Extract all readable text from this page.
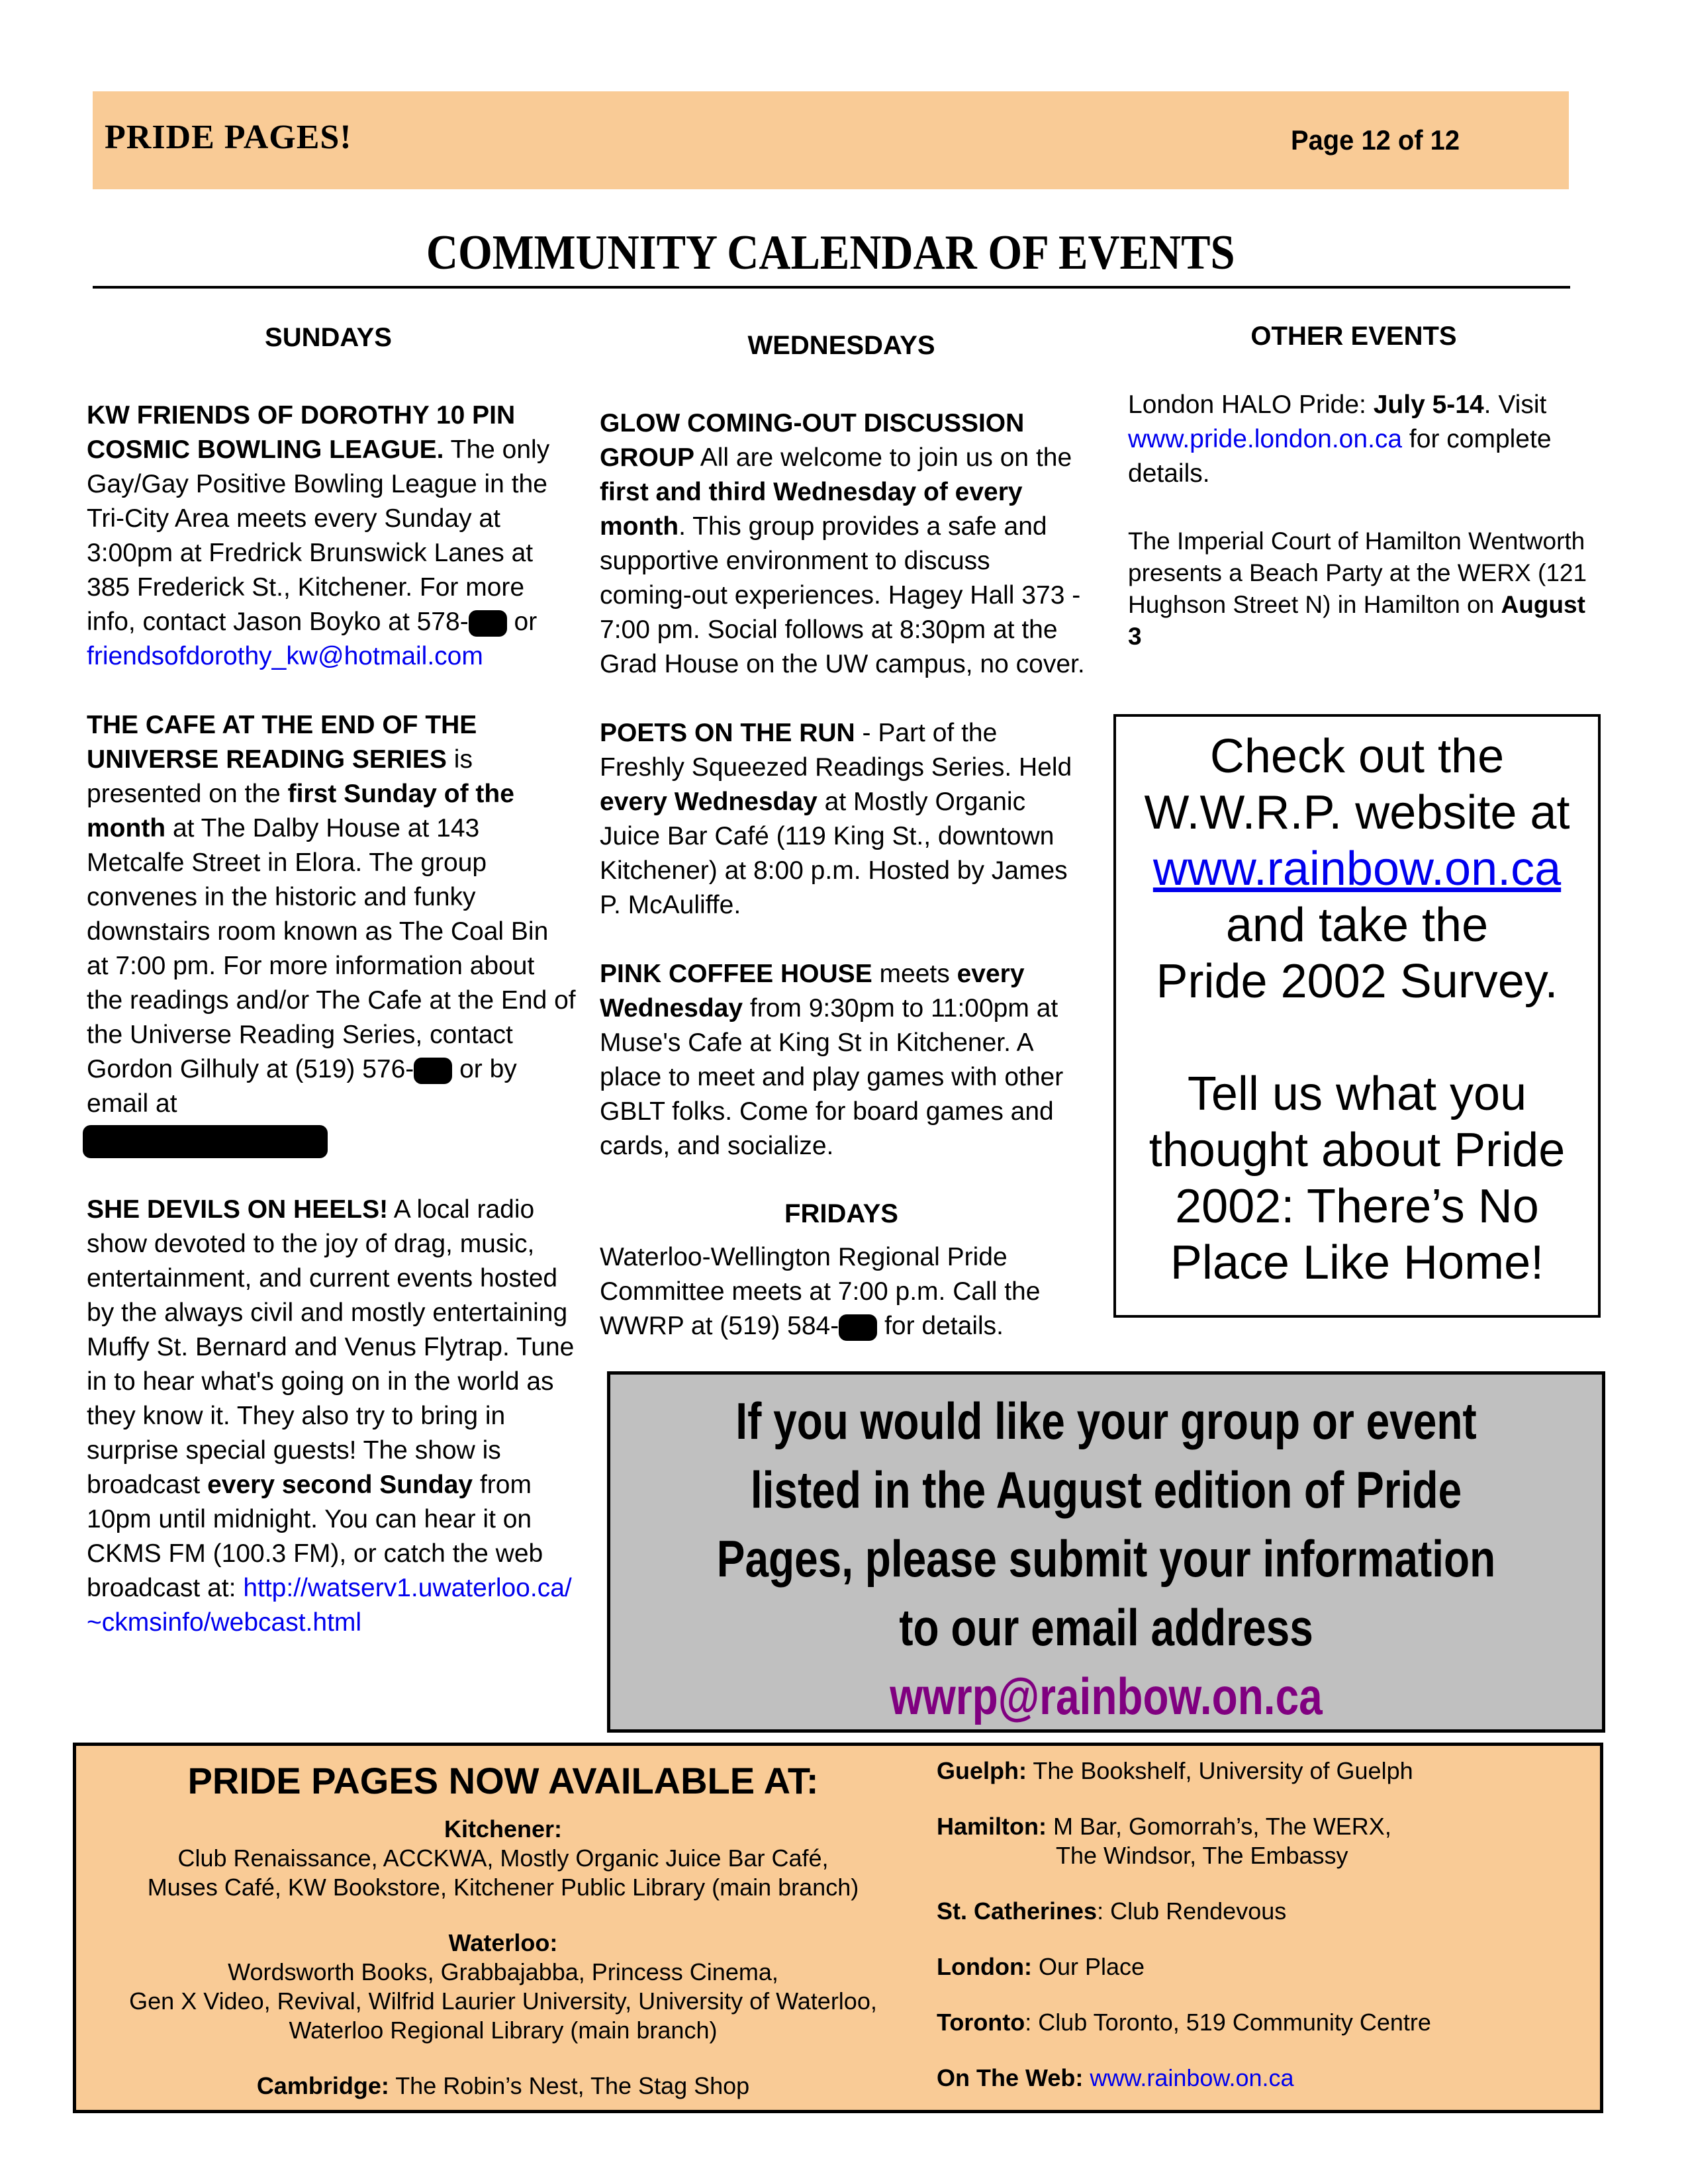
PRIDE PAGES!	Page 12 of 12
COMMUNITY CALENDAR OF EVENTS
SUNDAYS	WEDNESDAYS	OTHER EVENTS

KW FRIENDS OF DOROTHY 10 PIN COSMIC BOWLING LEAGUE. The only Gay/Gay Positive Bowling League in the Tri-City Area meets every Sunday at 3:00pm at Fredrick Brunswick Lanes at 385 Frederick St., Kitchener. For more info, contact Jason Boyko at 578- or
friendsofdorothy_kw@hotmail.com

THE CAFE AT THE END OF THE UNIVERSE READING SERIES is presented on the first Sunday of the month at The Dalby House at 143 Metcalfe Street in Elora. The group convenes in the historic and funky downstairs room known as The Coal Bin at 7:00 pm. For more information about the readings and/or The Cafe at the End of the Universe Reading Series, contact Gordon Gilhuly at (519) 576- or by email at

SHE DEVILS ON HEELS! A local radio show devoted to the joy of drag, music, entertainment, and current events hosted by the always civil and mostly entertaining Muffy St. Bernard and Venus Flytrap. Tune in to hear what's going on in the world as they know it. They also try to bring in surprise special guests! The show is broadcast every second Sunday from 10pm until midnight. You can hear it on CKMS FM (100.3 FM), or catch the web broadcast at: http://watserv1.uwaterloo.ca/~ckmsinfo/webcast.html

GLOW COMING-OUT DISCUSSION GROUP All are welcome to join us on the first and third Wednesday of every month. This group provides a safe and supportive environment to discuss coming-out experiences. Hagey Hall 373 - 7:00 pm. Social follows at 8:30pm at the Grad House on the UW campus, no cover.

POETS ON THE RUN - Part of the Freshly Squeezed Readings Series. Held every Wednesday at Mostly Organic Juice Bar Café (119 King St., downtown Kitchener) at 8:00 p.m. Hosted by James P. McAuliffe.

PINK COFFEE HOUSE meets every Wednesday from 9:30pm to 11:00pm at Muse's Cafe at King St in Kitchener. A place to meet and play games with other GBLT folks. Come for board games and cards, and socialize.

FRIDAYS

Waterloo-Wellington Regional Pride Committee meets at 7:00 p.m. Call the WWRP at (519) 584- for details.

London HALO Pride: July 5-14. Visit www.pride.london.on.ca for complete details.

The Imperial Court of Hamilton Wentworth presents a Beach Party at the WERX (121 Hughson Street N) in Hamilton on August 3

Check out the
W.W.R.P. website at
www.rainbow.on.ca
and take the
Pride 2002 Survey.
Tell us what you
thought about Pride
2002: There’s No
Place Like Home!
If you would like your group or event
listed in the August edition of Pride
Pages, please submit your information
to our email address
wwrp@rainbow.on.ca
PRIDE PAGES NOW AVAILABLE AT:
Kitchener:
Club Renaissance, ACCKWA, Mostly Organic Juice Bar Café,
Muses Café, KW Bookstore, Kitchener Public Library (main branch)
Waterloo:
Wordsworth Books, Grabbajabba, Princess Cinema,
Gen X Video, Revival, Wilfrid Laurier University, University of Waterloo,
Waterloo Regional Library (main branch)
Cambridge: The Robin’s Nest, The Stag Shop
Guelph: The Bookshelf, University of Guelph
Hamilton: M Bar, Gomorrah’s, The WERX,
The Windsor, The Embassy
St. Catherines: Club Rendevous
London: Our Place
Toronto: Club Toronto, 519 Community Centre
On The Web: www.rainbow.on.ca
